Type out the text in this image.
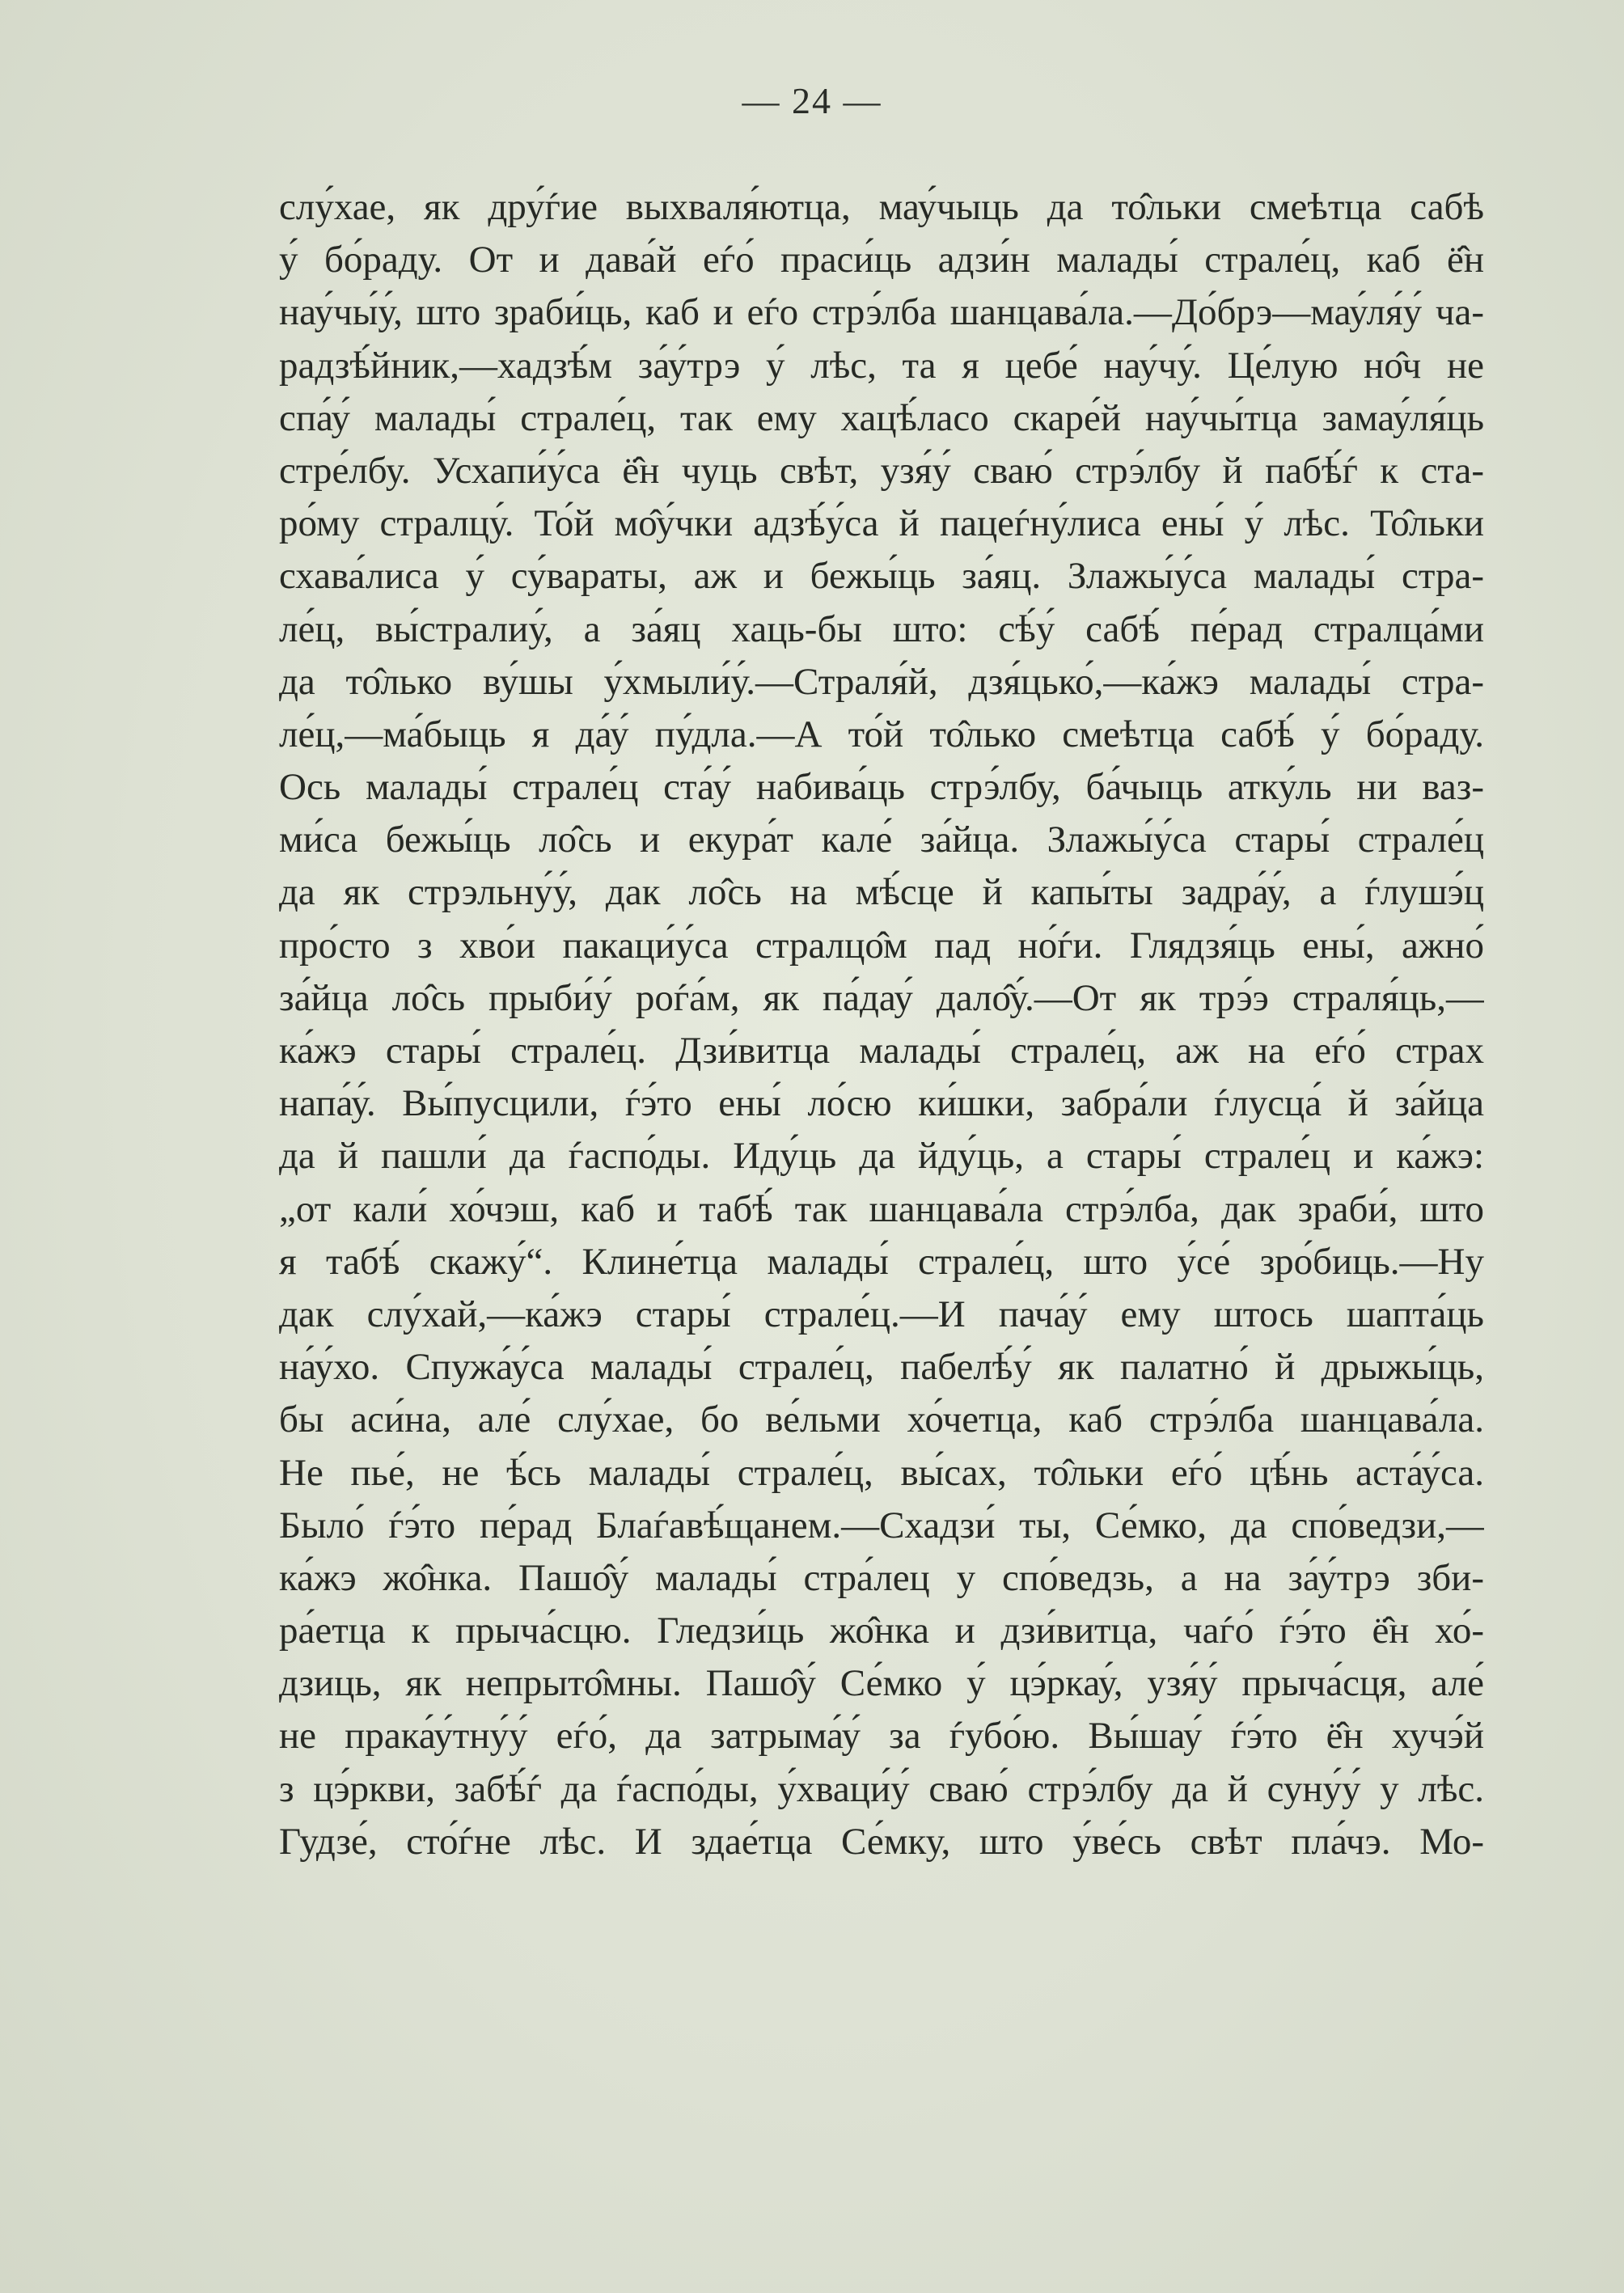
— 24 —
слу́хае, як дру́ѓие выхваля́ютца, мау́чыць да то̂льки смеѣтца сабѣ
у́ бо́раду. От и дава́й еѓо́ праси́ць адзи́н малады́ страле́ц, каб ё̂н
нау́чы́у́, што зраби́ць, каб и еѓо стрэ́лба шанцава́ла.—До́брэ—мау́ля́у́ ча-
радзѣ́йник,—хадзѣ́м за́у́трэ у́ лѣс, та я цебе́ нау́чу́. Це́лую но̂ч не
спа́у́ малады́ страле́ц, так ему хацѣ́ласо скаре́й нау́чы́тца замау́ля́ць
стре́лбу. Усхапи́у́са ё̂н чуць свѣт, узя́у́ сваю́ стрэ́лбу й пабѣ́ѓ к ста-
ро́му стралцу́. То́й мо̂у́чки адзѣ́у́са й пацеѓну́лиса ены́ у́ лѣс. То̂льки
схава́лиса у́ су́вараты, аж и бежы́ць за́яц. Злажы́у́са малады́ стра-
ле́ц, вы́стралиу́, а за́яц хаць-бы што: сѣ́у́ сабѣ́ пе́рад стралца́ми
да то̂лько ву́шы у́хмыли́у́.—Страля́й, дзя́цько́,—ка́жэ малады́ стра-
ле́ц,—ма́быць я да́у́ пу́дла.—А то́й то̂лько смеѣтца сабѣ́ у́ бо́раду.
Ось малады́ страле́ц ста́у́ набива́ць стрэ́лбу, ба́чыць атку́ль ни ваз-
ми́са бежы́ць ло̂сь и екура́т кале́ за́йца. Злажы́у́са стары́ страле́ц
да як стрэльну́у́, дак ло̂сь на мѣ́сце й капы́ты задра́у́, а ѓлушэ́ц
про́сто з хво́и пакаци́у́са стралцо̂м пад но́ѓи. Глядзя́ць ены́, ажно́
за́йца ло̂сь прыби́у́ роѓа́м, як па́дау́ дало̂у́.—От як трэ́э страля́ць,—
ка́жэ стары́ страле́ц. Дзи́витца малады́ страле́ц, аж на еѓо́ страх
напа́у́. Вы́пусцили, ѓэ́то ены́ ло́сю ки́шки, забра́ли ѓлусца́ й за́йца
да й пашли́ да ѓаспо́ды. Иду́ць да йду́ць, а стары́ страле́ц и ка́жэ:
„от кали́ хо́чэш, каб и табѣ́ так шанцава́ла стрэ́лба, дак зраби́, што
я табѣ́ скажу́“. Клине́тца малады́ страле́ц, што у́се́ зро́биць.—Ну
дак слу́хай,—ка́жэ стары́ страле́ц.—И пача́у́ ему штось шапта́ць
на́у́хо. Спужа́у́са малады́ страле́ц, пабелѣ́у́ як палатно́ й дрыжы́ць,
бы аси́на, але́ слу́хае, бо ве́льми хо́четца, каб стрэ́лба шанцава́ла.
Не пье́, не ѣ́сь малады́ страле́ц, вы́сах, то̂льки еѓо́ цѣ́нь аста́у́са.
Было́ ѓэ́то пе́рад Блаѓавѣ́щанем.—Схадзи́ ты, Се́мко, да спо́ведзи,—
ка́жэ жо̂нка. Пашо̂у́ малады́ стра́лец у спо́ведзь, а на за́у́трэ зби-
ра́етца к прыча́сцю. Гледзи́ць жо̂нка и дзи́витца, чаѓо́ ѓэ́то ё̂н хо́-
дзиць, як непрыто̂мны. Пашо̂у́ Се́мко у́ цэ́ркау́, узя́у́ прыча́сця, але́
не прака́у́тну́у́ еѓо́, да затрыма́у́ за ѓубо́ю. Вы́шау́ ѓэ́то ё̂н хучэ́й
з цэ́ркви, забѣ́ѓ да ѓаспо́ды, у́хваци́у́ сваю́ стрэ́лбу да й суну́у́ у лѣс.
Гудзе́, сто́ѓне лѣс. И здае́тца Се́мку, што у́ве́сь свѣт пла́чэ. Мо-
